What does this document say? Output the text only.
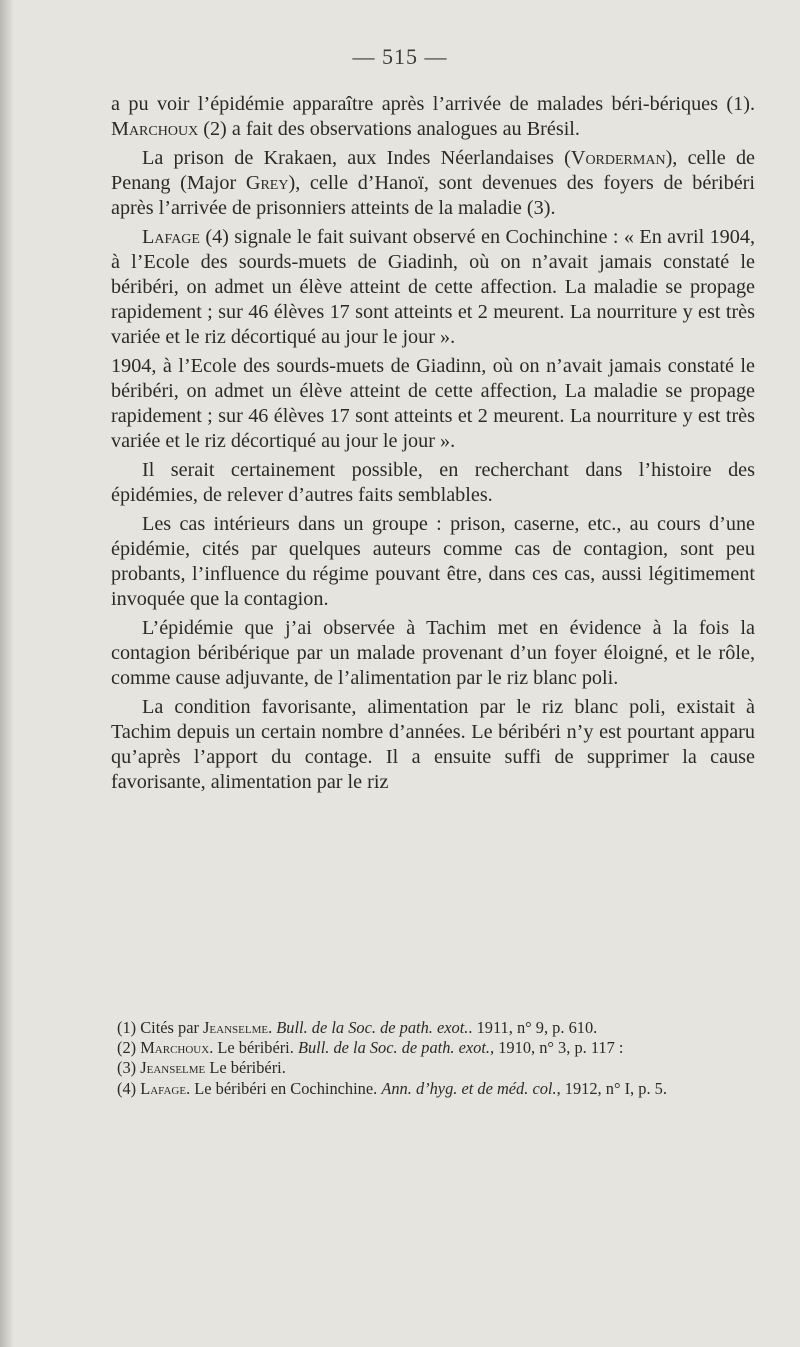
— 515 —

a pu voir l’épidémie apparaître après l’arrivée de malades béri-bériques (1). Marchoux (2) a fait des observations analogues au Brésil.

La prison de Krakaen, aux Indes Néerlandaises (Vorderman), celle de Penang (Major Grey), celle d’Hanoï, sont devenues des foyers de béribéri après l’arrivée de prisonniers atteints de la maladie (3).

Lafage (4) signale le fait suivant observé en Cochinchine : « En avril 1904, à l’Ecole des sourds-muets de Giadinh, où on n’avait jamais constaté le béribéri, on admet un élève atteint de cette affection. La maladie se propage rapidement ; sur 46 élèves 17 sont atteints et 2 meurent. La nourriture y est très variée et le riz décortiqué au jour le jour ».

1904, à l’Ecole des sourds-muets de Giadinn, où on n’avait jamais constaté le béribéri, on admet un élève atteint de cette affection, La maladie se propage rapidement ; sur 46 élèves 17 sont atteints et 2 meurent. La nourriture y est très variée et le riz décortiqué au jour le jour ».

Il serait certainement possible, en recherchant dans l’histoire des épidémies, de relever d’autres faits semblables.

Les cas intérieurs dans un groupe : prison, caserne, etc., au cours d’une épidémie, cités par quelques auteurs comme cas de contagion, sont peu probants, l’influence du régime pouvant être, dans ces cas, aussi légitimement invoquée que la contagion.

L’épidémie que j’ai observée à Tachim met en évidence à la fois la contagion béribérique par un malade provenant d’un foyer éloigné, et le rôle, comme cause adjuvante, de l’alimentation par le riz blanc poli.

La condition favorisante, alimentation par le riz blanc poli, existait à Tachim depuis un certain nombre d’années. Le béribéri n’y est pourtant apparu qu’après l’apport du contage. Il a ensuite suffi de supprimer la cause favorisante, alimentation par le riz

(1) Cités par Jeanselme. Bull. de la Soc. de path. exot.. 1911, n° 9, p. 610.

(2) Marchoux. Le béribéri. Bull. de la Soc. de path. exot., 1910, n° 3, p. 117 :

(3) Jeanselme Le béribéri.

(4) Lafage. Le béribéri en Cochinchine. Ann. d’hyg. et de méd. col., 1912, n° I, p. 5.
